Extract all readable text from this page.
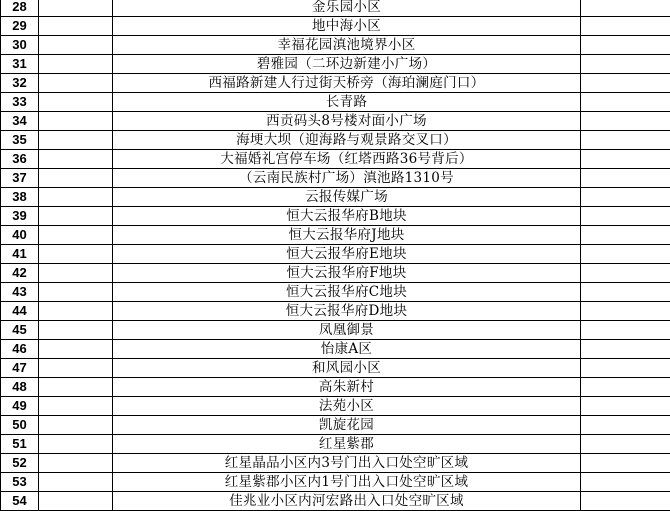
28		金乐园小区	
29		地中海小区	
30		幸福花园滇池境界小区	
31		碧雅园（二环边新建小广场）	
32		西福路新建人行过街天桥旁（海珀澜庭门口）	
33		长青路	
34		西贡码头8号楼对面小广场	
35		海埂大坝（迎海路与观景路交叉口）	
36		大福婚礼宫停车场（红塔西路36号背后）	
37		（云南民族村广场）滇池路1310号	
38		云报传媒广场	
39		恒大云报华府B地块	
40		恒大云报华府J地块	
41		恒大云报华府E地块	
42		恒大云报华府F地块	
43		恒大云报华府C地块	
44		恒大云报华府D地块	
45		凤凰御景	
46		怡康A区	
47		和风园小区	
48		高朱新村	
49		法苑小区	
50		凯旋花园	
51		红星紫郡	
52		红星晶品小区内3号门出入口处空旷区域	
53		红星紫郡小区内1号门出入口处空旷区域	
54		佳兆业小区内河宏路出入口处空旷区域	
